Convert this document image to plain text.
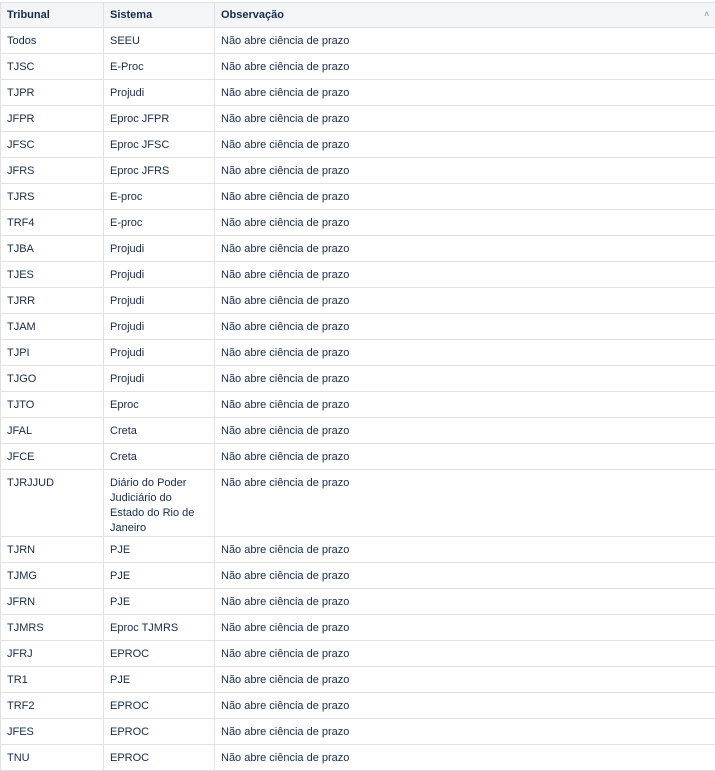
Tribunal	Sistema	Observação ˄

Todos	SEEU	Não abre ciência de prazo
TJSC	E-Proc	Não abre ciência de prazo
TJPR	Projudi	Não abre ciência de prazo
JFPR	Eproc JFPR	Não abre ciência de prazo
JFSC	Eproc JFSC	Não abre ciência de prazo
JFRS	Eproc JFRS	Não abre ciência de prazo
TJRS	E-proc	Não abre ciência de prazo
TRF4	E-proc	Não abre ciência de prazo
TJBA	Projudi	Não abre ciência de prazo
TJES	Projudi	Não abre ciência de prazo
TJRR	Projudi	Não abre ciência de prazo
TJAM	Projudi	Não abre ciência de prazo
TJPI	Projudi	Não abre ciência de prazo
TJGO	Projudi	Não abre ciência de prazo
TJTO	Eproc	Não abre ciência de prazo
JFAL	Creta	Não abre ciência de prazo
JFCE	Creta	Não abre ciência de prazo
TJRJJUD	Diário do Poder Judiciário do Estado do Rio de Janeiro	Não abre ciência de prazo
TJRN	PJE	Não abre ciência de prazo
TJMG	PJE	Não abre ciência de prazo
JFRN	PJE	Não abre ciência de prazo
TJMRS	Eproc TJMRS	Não abre ciência de prazo
JFRJ	EPROC	Não abre ciência de prazo
TR1	PJE	Não abre ciência de prazo
TRF2	EPROC	Não abre ciência de prazo
JFES	EPROC	Não abre ciência de prazo
TNU	EPROC	Não abre ciência de prazo
